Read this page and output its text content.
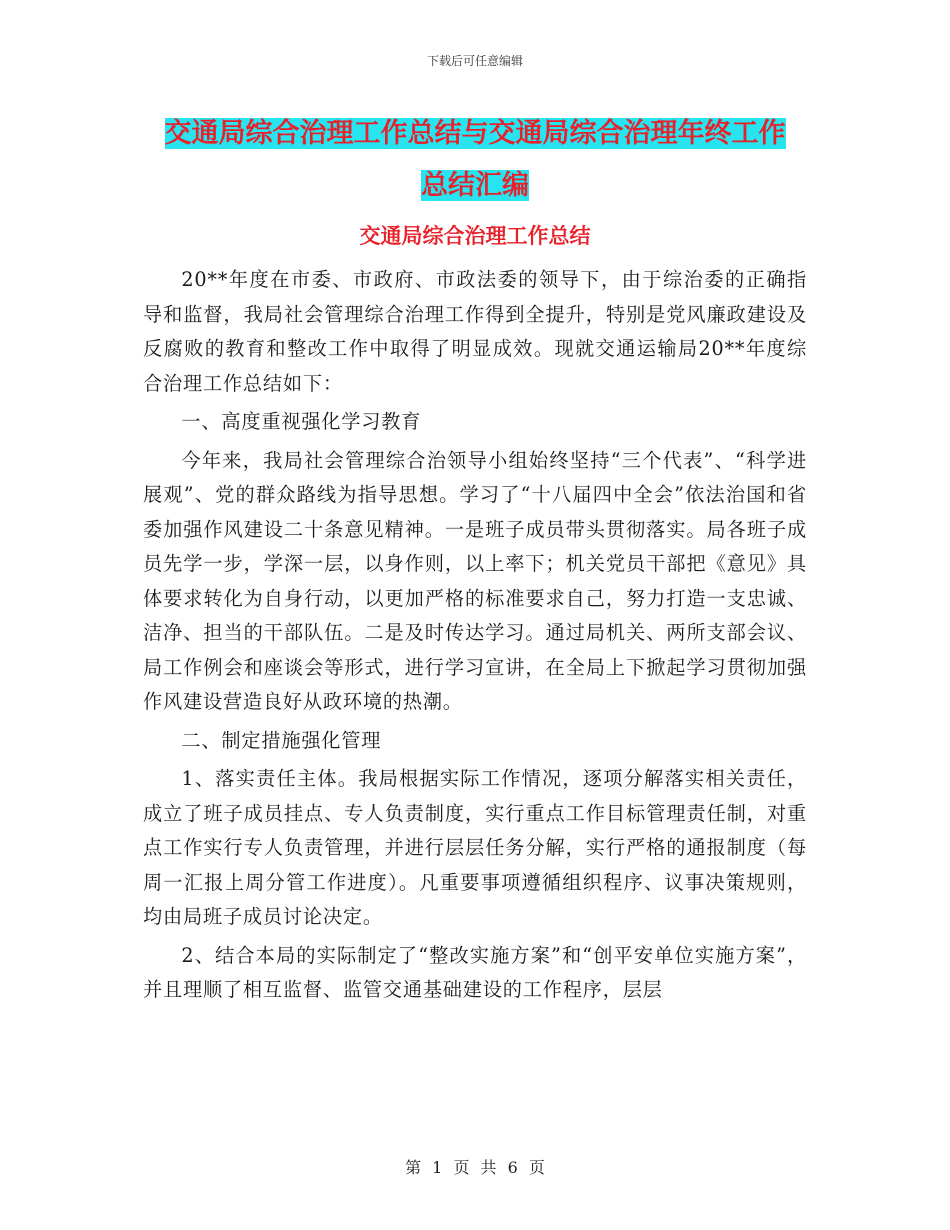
下载后可任意编辑
交通局综合治理工作总结与交通局综合治理年终工作
总结汇编
交通局综合治理工作总结

20**年度在市委、市政府、市政法委的领导下，由于综治委的正确指导和监督，我局社会管理综合治理工作得到全提升，特别是党风廉政建设及反腐败的教育和整改工作中取得了明显成效。现就交通运输局20**年度综合治理工作总结如下：

一、高度重视强化学习教育

今年来，我局社会管理综合治领导小组始终坚持“三个代表”、“科学进展观”、党的群众路线为指导思想。学习了“十八届四中全会”依法治国和省委加强作风建设二十条意见精神。一是班子成员带头贯彻落实。局各班子成员先学一步，学深一层，以身作则，以上率下；机关党员干部把《意见》具体要求转化为自身行动，以更加严格的标准要求自己，努力打造一支忠诚、洁净、担当的干部队伍。二是及时传达学习。通过局机关、两所支部会议、局工作例会和座谈会等形式，进行学习宣讲，在全局上下掀起学习贯彻加强作风建设营造良好从政环境的热潮。

二、制定措施强化管理

1、落实责任主体。我局根据实际工作情况，逐项分解落实相关责任，成立了班子成员挂点、专人负责制度，实行重点工作目标管理责任制，对重点工作实行专人负责管理，并进行层层任务分解，实行严格的通报制度（每周一汇报上周分管工作进度）。凡重要事项遵循组织程序、议事决策规则，均由局班子成员讨论决定。

2、结合本局的实际制定了“整改实施方案”和“创平安单位实施方案”，并且理顺了相互监督、监管交通基础建设的工作程序，层层

第 1 页 共 6 页
